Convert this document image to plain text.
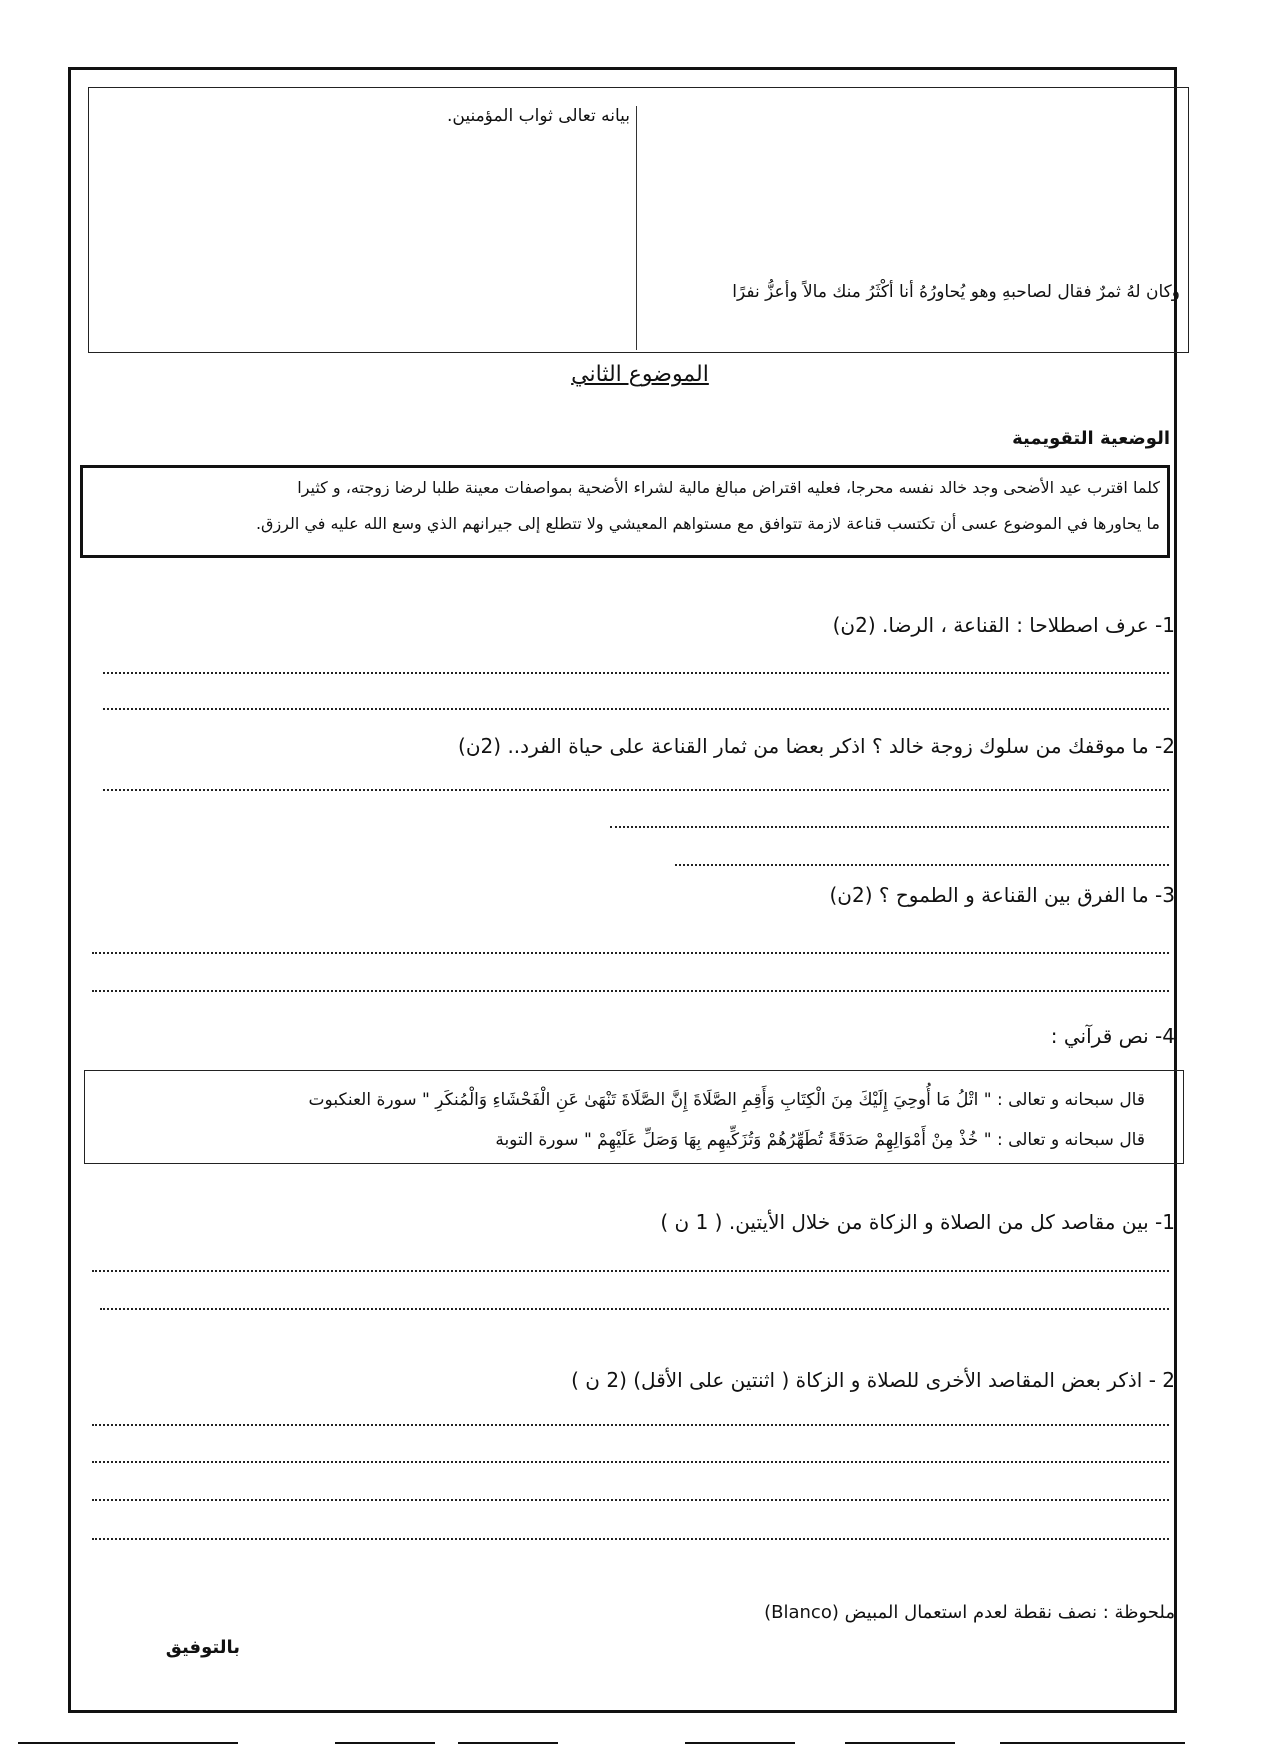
وكان لهُ ثمرٌ فقال لصاحبهِ وهو يُحاورُهُ أنا أكْثَرُ منك مالاً وأعزُّ نفرًا
بيانه تعالى ثواب المؤمنين.
الموضوع الثاني
الوضعية التقويمية
كلما اقترب عيد الأضحى وجد خالد نفسه محرجا، فعليه اقتراض مبالغ مالية لشراء الأضحية بمواصفات معينة طلبا لرضا زوجته، و كثيرا
ما يحاورها في الموضوع عسى أن تكتسب قناعة لازمة تتوافق مع مستواهم المعيشي ولا تتطلع إلى جيرانهم الذي وسع الله عليه في الرزق.
1- عرف اصطلاحا : القناعة ، الرضا. (2ن)
2- ما موقفك من سلوك زوجة خالد ؟ اذكر بعضا من ثمار القناعة على حياة الفرد.. (2ن)
3- ما الفرق بين القناعة و الطموح ؟ (2ن)
4- نص قرآني :
قال سبحانه و تعالى : " اتْلُ مَا أُوحِيَ إِلَيْكَ مِنَ الْكِتَابِ وَأَقِمِ الصَّلَاةَ إِنَّ الصَّلَاةَ تَنْهَىٰ عَنِ الْفَحْشَاءِ وَالْمُنكَرِ " سورة العنكبوت
قال سبحانه و تعالى : " خُذْ مِنْ أَمْوَالِهِمْ صَدَقَةً تُطَهِّرُهُمْ وَتُزَكِّيهِم بِهَا وَصَلِّ عَلَيْهِمْ " سورة التوبة
1- بين مقاصد كل من الصلاة و الزكاة من خلال الأيتين. ( 1 ن )
2 - اذكر بعض المقاصد الأخرى للصلاة و الزكاة ( اثنتين على الأقل) (2 ن )
ملحوظة : نصف نقطة لعدم استعمال المبيض (Blanco)
بالتوفيق
